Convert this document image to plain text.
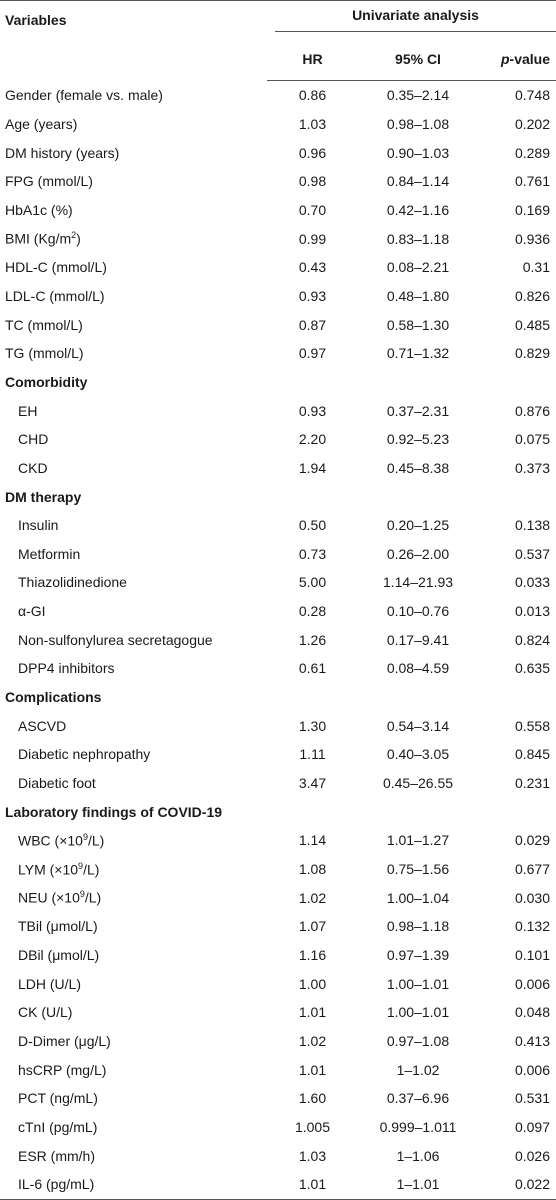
Variables	Univariate analysis		

	HR	95% CI	p-value
Gender (female vs. male)	0.86	0.35–2.14	0.748
Age (years)	1.03	0.98–1.08	0.202
DM history (years)	0.96	0.90–1.03	0.289
FPG (mmol/L)	0.98	0.84–1.14	0.761
HbA1c (%)	0.70	0.42–1.16	0.169
BMI $(Kg/m^2)$	0.99	0.83–1.18	0.936
HDL-C (mmol/L)	0.43	0.08–2.21	0.31
LDL-C (mmol/L)	0.93	0.48–1.80	0.826
TC (mmol/L)	0.87	0.58–1.30	0.485
TG (mmol/L)	0.97	0.71–1.32	0.829
Comorbidity			
EH	0.93	0.37–2.31	0.876
CHD	2.20	0.92–5.23	0.075
CKD	1.94	0.45–8.38	0.373
DM therapy			
Insulin	0.50	0.20–1.25	0.138
Metformin	0.73	0.26–2.00	0.537
Thiazolidinedione	5.00	1.14–21.93	0.033
α-GI	0.28	0.10–0.76	0.013
Non-sulfonylurea secretagogue	1.26	0.17–9.41	0.824
DPP4 inhibitors	0.61	0.08–4.59	0.635
Complications			
ASCVD	1.30	0.54–3.14	0.558
Diabetic nephropathy	1.11	0.40–3.05	0.845
Diabetic foot	3.47	0.45–26.55	0.231
Laboratory findings of COVID-19			
WBC $(\times 10^9/L)$	1.14	1.01–1.27	0.029
LYM $(\times 10^9/L)$	1.08	0.75–1.56	0.677
NEU $(\times 10^9/L)$	1.02	1.00–1.04	0.030
TBil (μmol/L)	1.07	0.98–1.18	0.132
DBil (μmol/L)	1.16	0.97–1.39	0.101
LDH (U/L)	1.00	1.00–1.01	0.006
CK (U/L)	1.01	1.00–1.01	0.048
D-Dimer (μg/L)	1.02	0.97–1.08	0.413
hsCRP (mg/L)	1.01	1–1.02	0.006
PCT (ng/mL)	1.60	0.37–6.96	0.531
cTnI (pg/mL)	1.005	0.999–1.011	0.097
ESR (mm/h)	1.03	1–1.06	0.026
IL-6 (pg/mL)	1.01	1–1.01	0.022
